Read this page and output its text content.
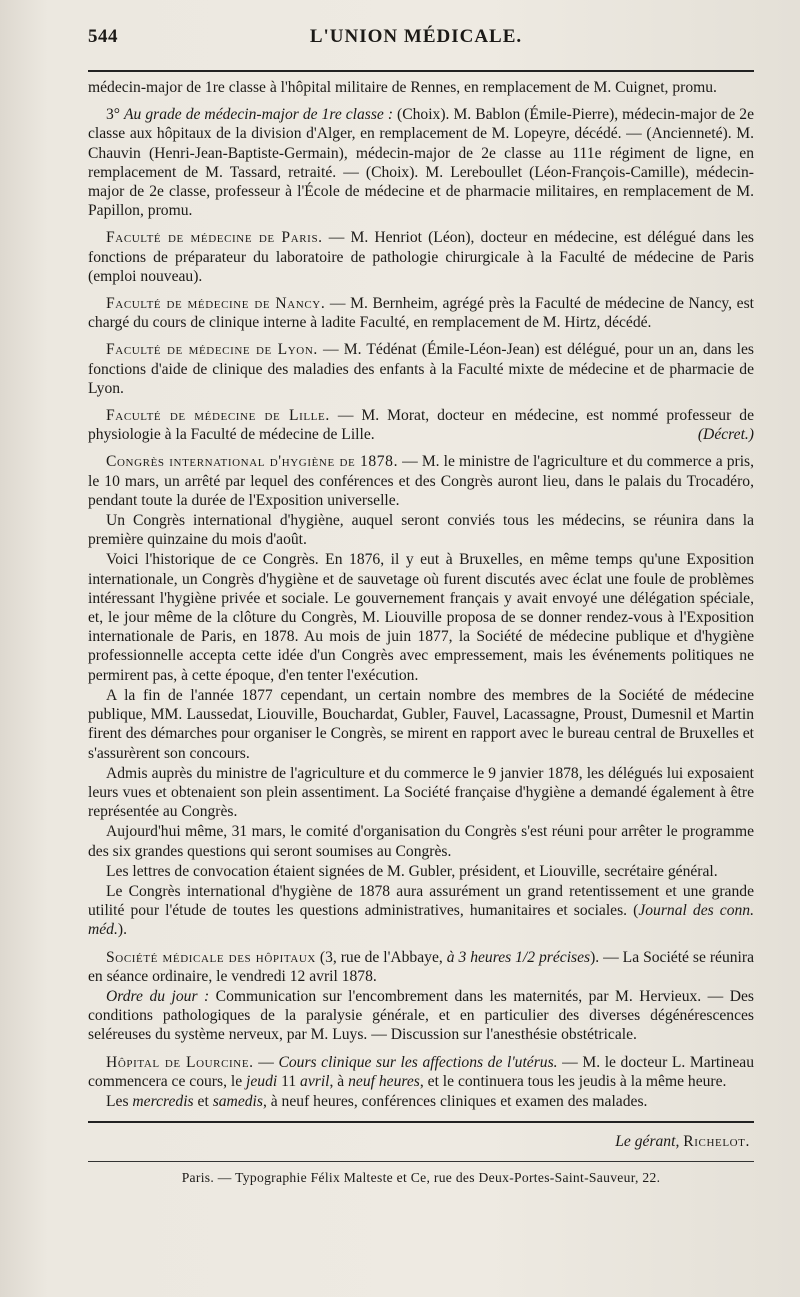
544	L'UNION MÉDICALE.

médecin-major de 1re classe à l'hôpital militaire de Rennes, en remplacement de M. Cuignet, promu.

3° Au grade de médecin-major de 1re classe : (Choix). M. Bablon (Émile-Pierre), médecin-major de 2e classe aux hôpitaux de la division d'Alger, en remplacement de M. Lopeyre, décédé. — (Ancienneté). M. Chauvin (Henri-Jean-Baptiste-Germain), médecin-major de 2e classe au 111e régiment de ligne, en remplacement de M. Tassard, retraité. — (Choix). M. Lereboullet (Léon-François-Camille), médecin-major de 2e classe, professeur à l'École de médecine et de pharmacie militaires, en remplacement de M. Papillon, promu.

Faculté de médecine de Paris. — M. Henriot (Léon), docteur en médecine, est délégué dans les fonctions de préparateur du laboratoire de pathologie chirurgicale à la Faculté de médecine de Paris (emploi nouveau).

Faculté de médecine de Nancy. — M. Bernheim, agrégé près la Faculté de médecine de Nancy, est chargé du cours de clinique interne à ladite Faculté, en remplacement de M. Hirtz, décédé.

Faculté de médecine de Lyon. — M. Tédénat (Émile-Léon-Jean) est délégué, pour un an, dans les fonctions d'aide de clinique des maladies des enfants à la Faculté mixte de médecine et de pharmacie de Lyon.

Faculté de médecine de Lille. — M. Morat, docteur en médecine, est nommé professeur de physiologie à la Faculté de médecine de Lille.	(Décret.)

Congrès international d'hygiène de 1878. — M. le ministre de l'agriculture et du commerce a pris, le 10 mars, un arrêté par lequel des conférences et des Congrès auront lieu, dans le palais du Trocadéro, pendant toute la durée de l'Exposition universelle.

Un Congrès international d'hygiène, auquel seront conviés tous les médecins, se réunira dans la première quinzaine du mois d'août.

Voici l'historique de ce Congrès. En 1876, il y eut à Bruxelles, en même temps qu'une Exposition internationale, un Congrès d'hygiène et de sauvetage où furent discutés avec éclat une foule de problèmes intéressant l'hygiène privée et sociale. Le gouvernement français y avait envoyé une délégation spéciale, et, le jour même de la clôture du Congrès, M. Liouville proposa de se donner rendez-vous à l'Exposition internationale de Paris, en 1878. Au mois de juin 1877, la Société de médecine publique et d'hygiène professionnelle accepta cette idée d'un Congrès avec empressement, mais les événements politiques ne permirent pas, à cette époque, d'en tenter l'exécution.

A la fin de l'année 1877 cependant, un certain nombre des membres de la Société de médecine publique, MM. Laussedat, Liouville, Bouchardat, Gubler, Fauvel, Lacassagne, Proust, Dumesnil et Martin firent des démarches pour organiser le Congrès, se mirent en rapport avec le bureau central de Bruxelles et s'assurèrent son concours.

Admis auprès du ministre de l'agriculture et du commerce le 9 janvier 1878, les délégués lui exposaient leurs vues et obtenaient son plein assentiment. La Société française d'hygiène a demandé également à être représentée au Congrès.

Aujourd'hui même, 31 mars, le comité d'organisation du Congrès s'est réuni pour arrêter le programme des six grandes questions qui seront soumises au Congrès.

Les lettres de convocation étaient signées de M. Gubler, président, et Liouville, secrétaire général.

Le Congrès international d'hygiène de 1878 aura assurément un grand retentissement et une grande utilité pour l'étude de toutes les questions administratives, humanitaires et sociales. (Journal des conn. méd.).

Société médicale des hôpitaux (3, rue de l'Abbaye, à 3 heures 1/2 précises). — La Société se réunira en séance ordinaire, le vendredi 12 avril 1878.

Ordre du jour : Communication sur l'encombrement dans les maternités, par M. Hervieux. — Des conditions pathologiques de la paralysie générale, et en particulier des diverses dégénérescences seléreuses du système nerveux, par M. Luys. — Discussion sur l'anesthésie obstétricale.

Hôpital de Lourcine. — Cours clinique sur les affections de l'utérus. — M. le docteur L. Martineau commencera ce cours, le jeudi 11 avril, à neuf heures, et le continuera tous les jeudis à la même heure.

Les mercredis et samedis, à neuf heures, conférences cliniques et examen des malades.

Le gérant, Richelot.
Paris. — Typographie Félix Malteste et Ce, rue des Deux-Portes-Saint-Sauveur, 22.
